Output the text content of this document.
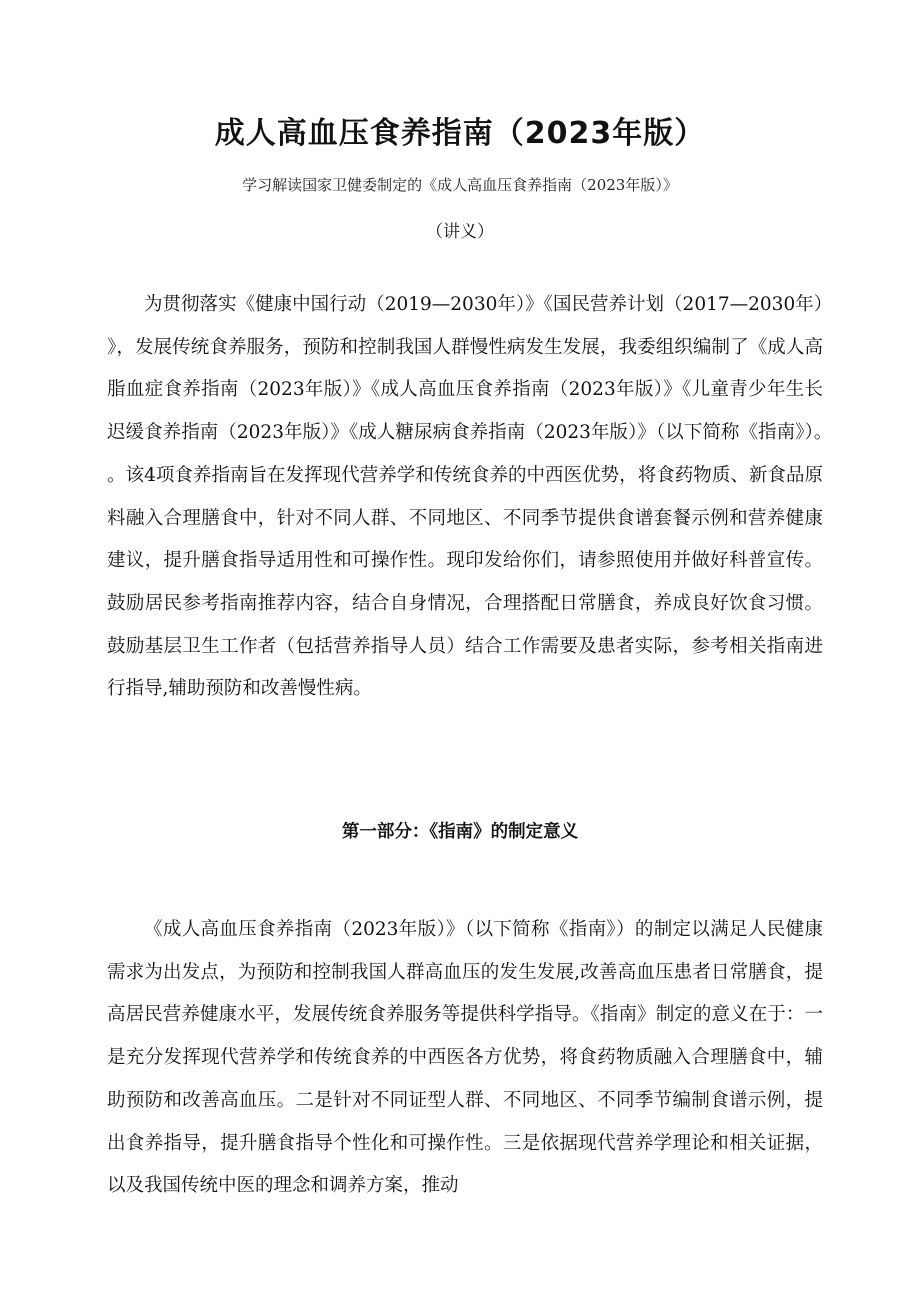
成人高血压食养指南（2023年版）

学习解读国家卫健委制定的《成人高血压食养指南（2023年版）》

（讲义）

为贯彻落实《健康中国行动（2019—2030年）》《国民营养计划（2017—2030年）》，发展传统食养服务，预防和控制我国人群慢性病发生发展，我委组织编制了《成人高脂血症食养指南（2023年版）》《成人高血压食养指南（2023年版）》《儿童青少年生长迟缓食养指南（2023年版）》《成人糖尿病食养指南（2023年版）》（以下简称《指南》）。。该4项食养指南旨在发挥现代营养学和传统食养的中西医优势，将食药物质、新食品原料融入合理膳食中，针对不同人群、不同地区、不同季节提供食谱套餐示例和营养健康建议，提升膳食指导适用性和可操作性。现印发给你们，请参照使用并做好科普宣传。鼓励居民参考指南推荐内容，结合自身情况，合理搭配日常膳食，养成良好饮食习惯。鼓励基层卫生工作者（包括营养指导人员）结合工作需要及患者实际，参考相关指南进行指导,辅助预防和改善慢性病。

第一部分：《指南》的制定意义

《成人高血压食养指南（2023年版）》（以下简称《指南》）的制定以满足人民健康需求为出发点，为预防和控制我国人群高血压的发生发展,改善高血压患者日常膳食，提高居民营养健康水平，发展传统食养服务等提供科学指导。《指南》制定的意义在于：一是充分发挥现代营养学和传统食养的中西医各方优势，将食药物质融入合理膳食中，辅助预防和改善高血压。二是针对不同证型人群、不同地区、不同季节编制食谱示例，提出食养指导，提升膳食指导个性化和可操作性。三是依据现代营养学理论和相关证据，以及我国传统中医的理念和调养方案，推动
